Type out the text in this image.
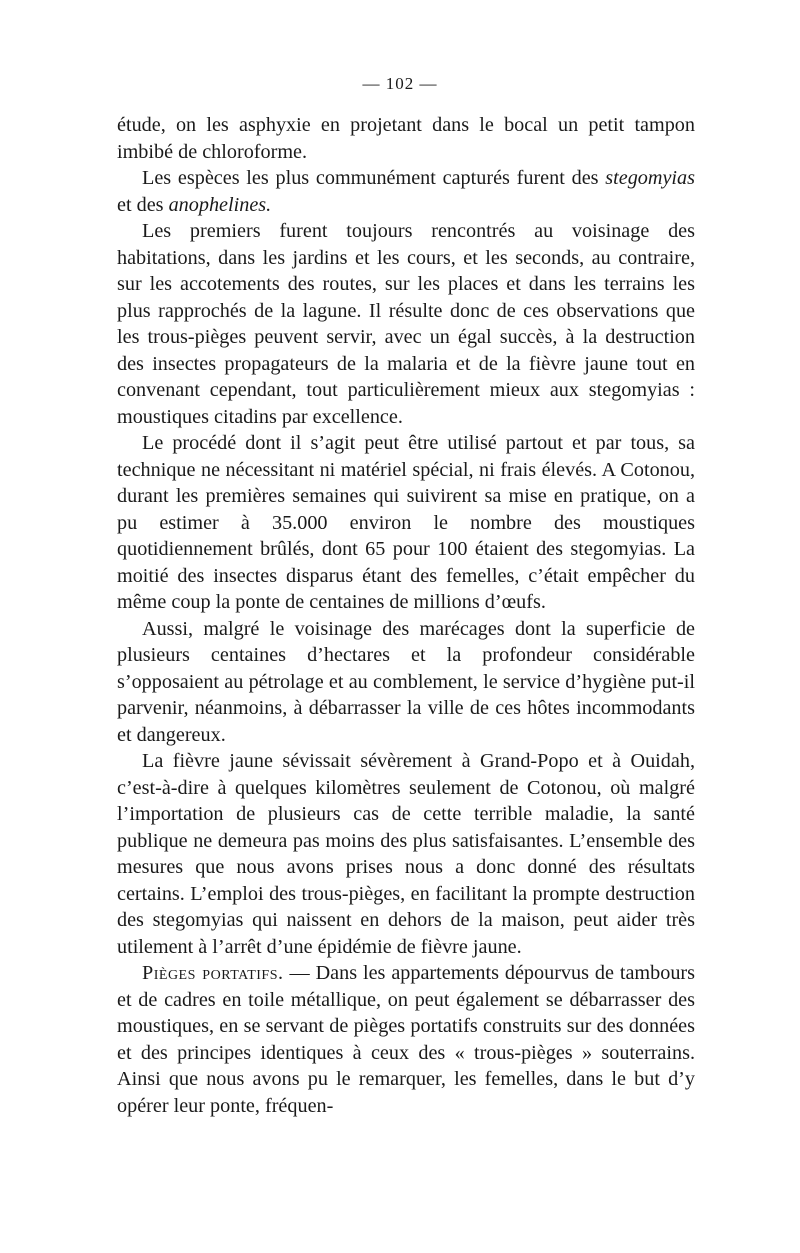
— 102 —

étude, on les asphyxie en projetant dans le bocal un petit tampon imbibé de chloroforme.

Les espèces les plus communément capturés furent des stegomyias et des anophelines.

Les premiers furent toujours rencontrés au voisinage des habitations, dans les jardins et les cours, et les seconds, au contraire, sur les accotements des routes, sur les places et dans les terrains les plus rapprochés de la lagune. Il résulte donc de ces observations que les trous-pièges peuvent servir, avec un égal succès, à la destruction des insectes propagateurs de la malaria et de la fièvre jaune tout en convenant cependant, tout particulièrement mieux aux stegomyias : moustiques citadins par excellence.

Le procédé dont il s’agit peut être utilisé partout et par tous, sa technique ne nécessitant ni matériel spécial, ni frais élevés. A Cotonou, durant les premières semaines qui suivirent sa mise en pratique, on a pu estimer à 35.000 environ le nombre des moustiques quotidiennement brûlés, dont 65 pour 100 étaient des stegomyias. La moitié des insectes disparus étant des femelles, c’était empêcher du même coup la ponte de centaines de millions d’œufs.

Aussi, malgré le voisinage des marécages dont la superficie de plusieurs centaines d’hectares et la profondeur considérable s’opposaient au pétrolage et au comblement, le service d’hygiène put-il parvenir, néanmoins, à débarrasser la ville de ces hôtes incommodants et dangereux.

La fièvre jaune sévissait sévèrement à Grand-Popo et à Ouidah, c’est-à-dire à quelques kilomètres seulement de Cotonou, où malgré l’importation de plusieurs cas de cette terrible maladie, la santé publique ne demeura pas moins des plus satisfaisantes. L’ensemble des mesures que nous avons prises nous a donc donné des résultats certains. L’emploi des trous-pièges, en facilitant la prompte destruction des stegomyias qui naissent en dehors de la maison, peut aider très utilement à l’arrêt d’une épidémie de fièvre jaune.

Pièges portatifs. — Dans les appartements dépourvus de tambours et de cadres en toile métallique, on peut également se débarrasser des moustiques, en se servant de pièges portatifs construits sur des données et des principes identiques à ceux des « trous-pièges » souterrains. Ainsi que nous avons pu le remarquer, les femelles, dans le but d’y opérer leur ponte, fréquen-
